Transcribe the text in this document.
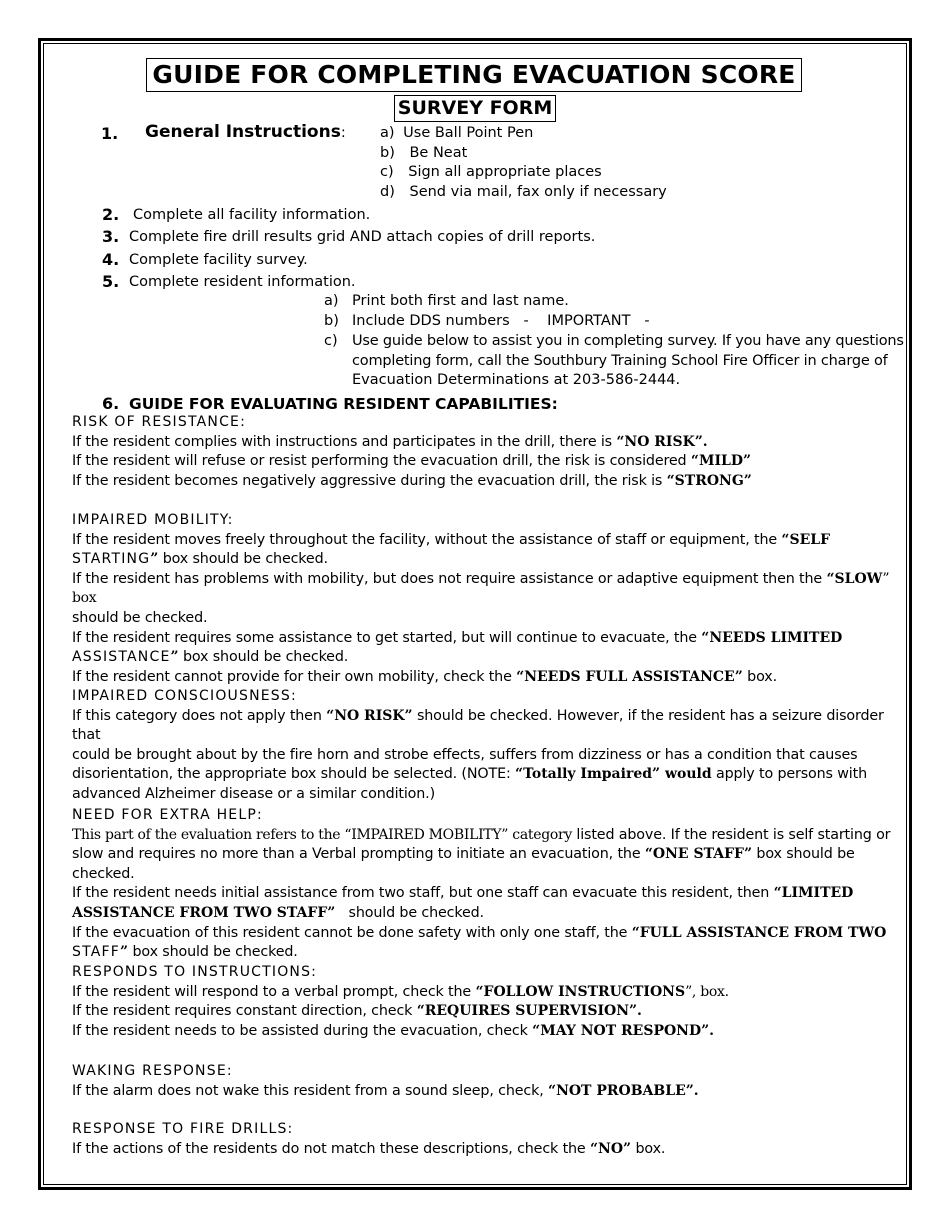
GUIDE FOR COMPLETING EVACUATION SCORE
SURVEY FORM
1. General Instructions: a) Use Ball Point Pen
b) Be Neat
c) Sign all appropriate places
d) Send via mail, fax only if necessary
2. Complete all facility information.
3. Complete fire drill results grid AND attach copies of drill reports.
4. Complete facility survey.
5. Complete resident information.
a) Print both first and last name.
b) Include DDS numbers   -    IMPORTANT   -
c) Use guide below to assist you in completing survey. If you have any questions
completing form, call the Southbury Training School Fire Officer in charge of
Evacuation Determinations at 203-586-2444.
6. GUIDE FOR EVALUATING RESIDENT CAPABILITIES:

RISK OF RESISTANCE:

If the resident complies with instructions and participates in the drill, there is “NO RISK”.

If the resident will refuse or resist performing the evacuation drill, the risk is considered “MILD”

If the resident becomes negatively aggressive during the evacuation drill, the risk is “STRONG”

IMPAIRED MOBILITY:

If the resident moves freely throughout the facility, without the assistance of staff or equipment, the “SELF

STARTING” box should be checked.

If the resident has problems with mobility, but does not require assistance or adaptive equipment then the “SLOW” box

should be checked.

If the resident requires some assistance to get started, but will continue to evacuate, the “NEEDS LIMITED

ASSISTANCE” box should be checked.

If the resident cannot provide for their own mobility, check the “NEEDS FULL ASSISTANCE” box.

IMPAIRED CONSCIOUSNESS:

If this category does not apply then “NO RISK” should be checked. However, if the resident has a seizure disorder that

could be brought about by the fire horn and strobe effects, suffers from dizziness or has a condition that causes

disorientation, the appropriate box should be selected. (NOTE: “Totally Impaired” would apply to persons with

advanced Alzheimer disease or a similar condition.)

NEED FOR EXTRA HELP:

This part of the evaluation refers to the “IMPAIRED MOBILITY” category listed above. If the resident is self starting or

slow and requires no more than a Verbal prompting to initiate an evacuation, the “ONE STAFF” box should be checked.

If the resident needs initial assistance from two staff, but one staff can evacuate this resident, then “LIMITED

ASSISTANCE FROM TWO STAFF”   should be checked.

If the evacuation of this resident cannot be done safety with only one staff, the “FULL ASSISTANCE FROM TWO

STAFF” box should be checked.

RESPONDS TO INSTRUCTIONS:

If the resident will respond to a verbal prompt, check the “FOLLOW INSTRUCTIONS”, box.

If the resident requires constant direction, check “REQUIRES SUPERVISION”.

If the resident needs to be assisted during the evacuation, check “MAY NOT RESPOND”.

WAKING RESPONSE:

If the alarm does not wake this resident from a sound sleep, check, “NOT PROBABLE”.

RESPONSE TO FIRE DRILLS:

If the actions of the residents do not match these descriptions, check the “NO” box.
